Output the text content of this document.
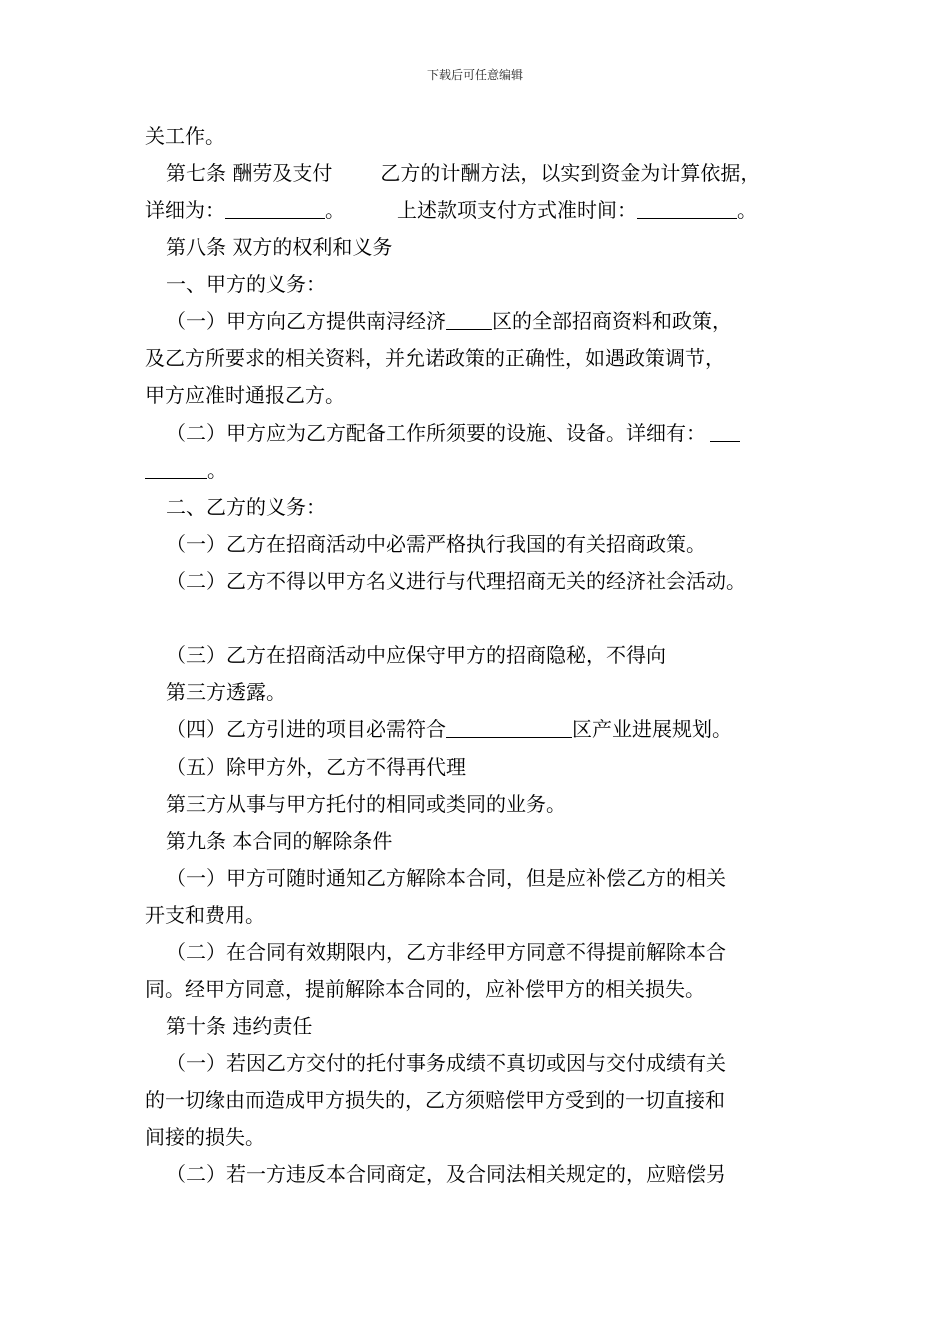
下载后可任意编辑
关工作。
第七条 酬劳及支付 乙方的计酬方法，以实到资金为计算依据，
详细为：	。	上述款项支付方式准时间：	。
第八条 双方的权利和义务
一、甲方的义务：
（一）甲方向乙方提供南浔经济 区的全部招商资料和政策，
及乙方所要求的相关资料，并允诺政策的正确性，如遇政策调节，
甲方应准时通报乙方。
（二）甲方应为乙方配备工作所须要的设施、设备。详细有：
。
二、乙方的义务：
（一）乙方在招商活动中必需严格执行我国的有关招商政策。
（二）乙方不得以甲方名义进行与代理招商无关的经济社会活动。
（三）乙方在招商活动中应保守甲方的招商隐秘，不得向
第三方透露。
（四）乙方引进的项目必需符合	区产业进展规划。
（五）除甲方外，乙方不得再代理
第三方从事与甲方托付的相同或类同的业务。
第九条 本合同的解除条件
（一）甲方可随时通知乙方解除本合同，但是应补偿乙方的相关
开支和费用。
（二）在合同有效期限内，乙方非经甲方同意不得提前解除本合
同。经甲方同意，提前解除本合同的，应补偿甲方的相关损失。
第十条 违约责任
（一）若因乙方交付的托付事务成绩不真切或因与交付成绩有关
的一切缘由而造成甲方损失的，乙方须赔偿甲方受到的一切直接和
间接的损失。
（二）若一方违反本合同商定，及合同法相关规定的，应赔偿另
